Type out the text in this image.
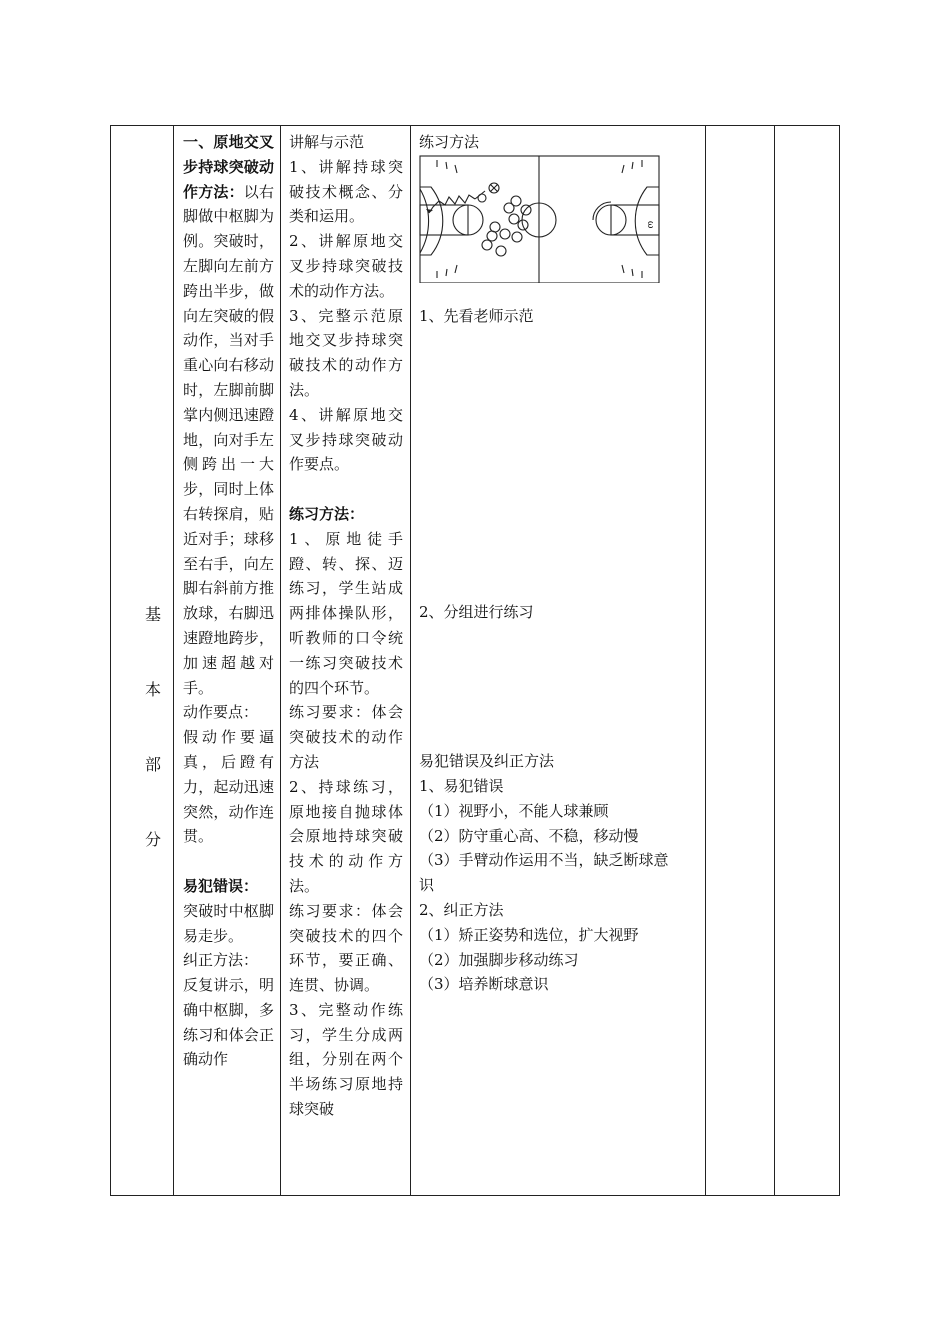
基
本
部
分
一、原地交叉步持球突破动作方法：以右脚做中枢脚为例。突破时，左脚向左前方跨出半步，做向左突破的假动作，当对手重心向右移动时，左脚前脚掌内侧迅速蹬地，向对手左侧跨出一大步，同时上体右转探肩，贴近对手；球移至右手，向左脚右斜前方推放球，右脚迅速蹬地跨步，加速超越对手。
动作要点：
假动作要逼真，后蹬有力，起动迅速突然，动作连贯。
易犯错误：
突破时中枢脚易走步。
纠正方法：
反复讲示，明确中枢脚，多练习和体会正确动作
讲解与示范
1、讲解持球突破技术概念、分类和运用。
2、讲解原地交叉步持球突破技术的动作方法。
3、完整示范原地交叉步持球突破技术的动作方法。
4、讲解原地交叉步持球突破动作要点。
练习方法：
1、原地徒手蹬、转、探、迈练习，学生站成两排体操队形，听教师的口令统一练习突破技术的四个环节。
练习要求：体会突破技术的动作方法
2、持球练习，原地接自抛球体会原地持球突破技术的动作方法。
练习要求：体会突破技术的四个环节，要正确、连贯、协调。
3、完整动作练习，学生分成两组，分别在两个半场练习原地持球突破
练习方法
ω
1、先看老师示范
2、分组进行练习
易犯错误及纠正方法
1、易犯错误
（1）视野小，不能人球兼顾
（2）防守重心高、不稳，移动慢
（3）手臂动作运用不当，缺乏断球意
识
2、纠正方法
（1）矫正姿势和选位，扩大视野
（2）加强脚步移动练习
（3）培养断球意识
